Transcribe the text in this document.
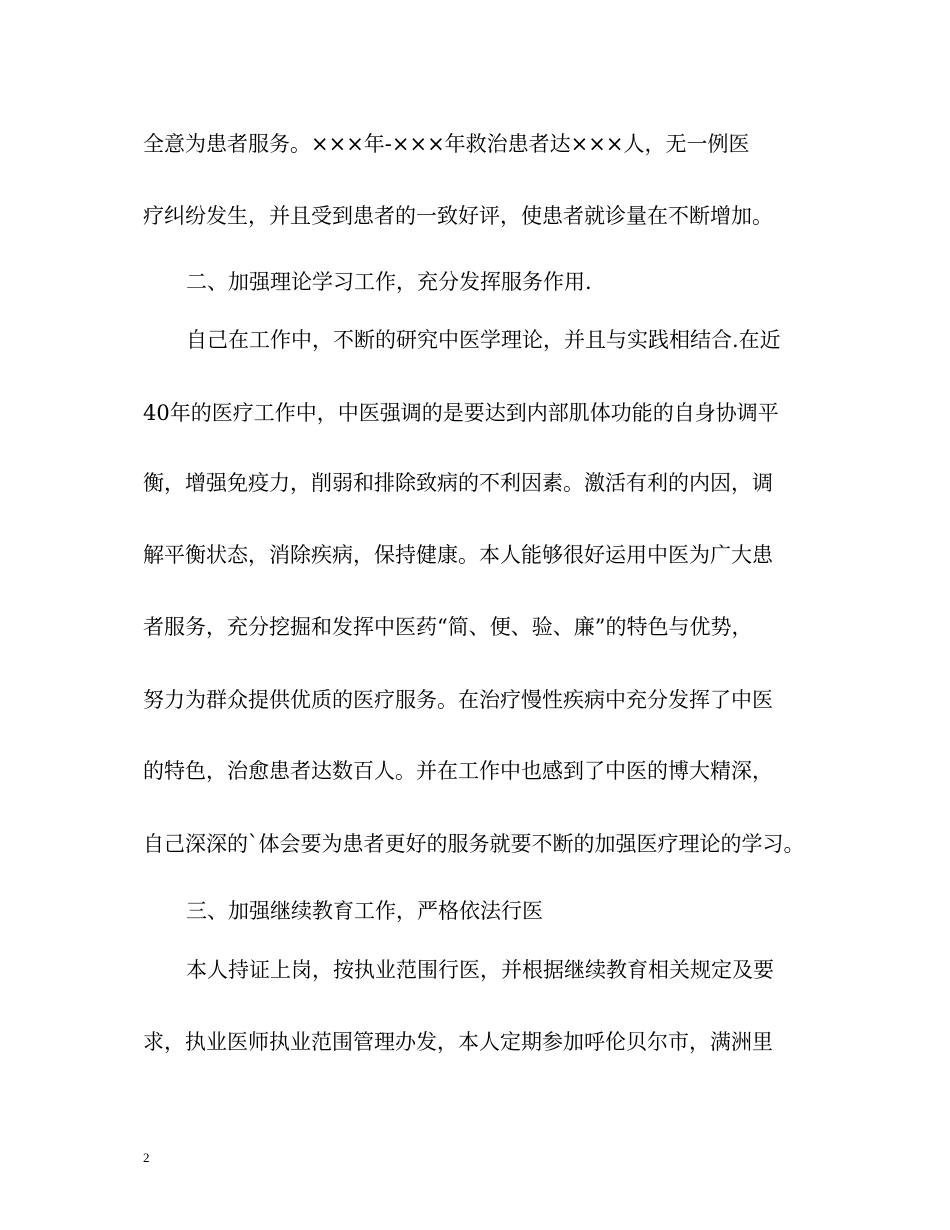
全意为患者服务。×××年-×××年救治患者达×××人，无一例医
疗纠纷发生，并且受到患者的一致好评，使患者就诊量在不断增加。
二、加强理论学习工作，充分发挥服务作用.
自己在工作中，不断的研究中医学理论，并且与实践相结合.在近
40年的医疗工作中，中医强调的是要达到内部肌体功能的自身协调平
衡，增强免疫力，削弱和排除致病的不利因素。激活有利的内因，调
解平衡状态，消除疾病，保持健康。本人能够很好运用中医为广大患
者服务，充分挖掘和发挥中医药“简、便、验、廉”的特色与优势，
努力为群众提供优质的医疗服务。在治疗慢性疾病中充分发挥了中医
的特色，治愈患者达数百人。并在工作中也感到了中医的博大精深，
自己深深的`体会要为患者更好的服务就要不断的加强医疗理论的学习。
三、加强继续教育工作，严格依法行医
本人持证上岗，按执业范围行医，并根据继续教育相关规定及要
求，执业医师执业范围管理办发，本人定期参加呼伦贝尔市，满洲里
2
